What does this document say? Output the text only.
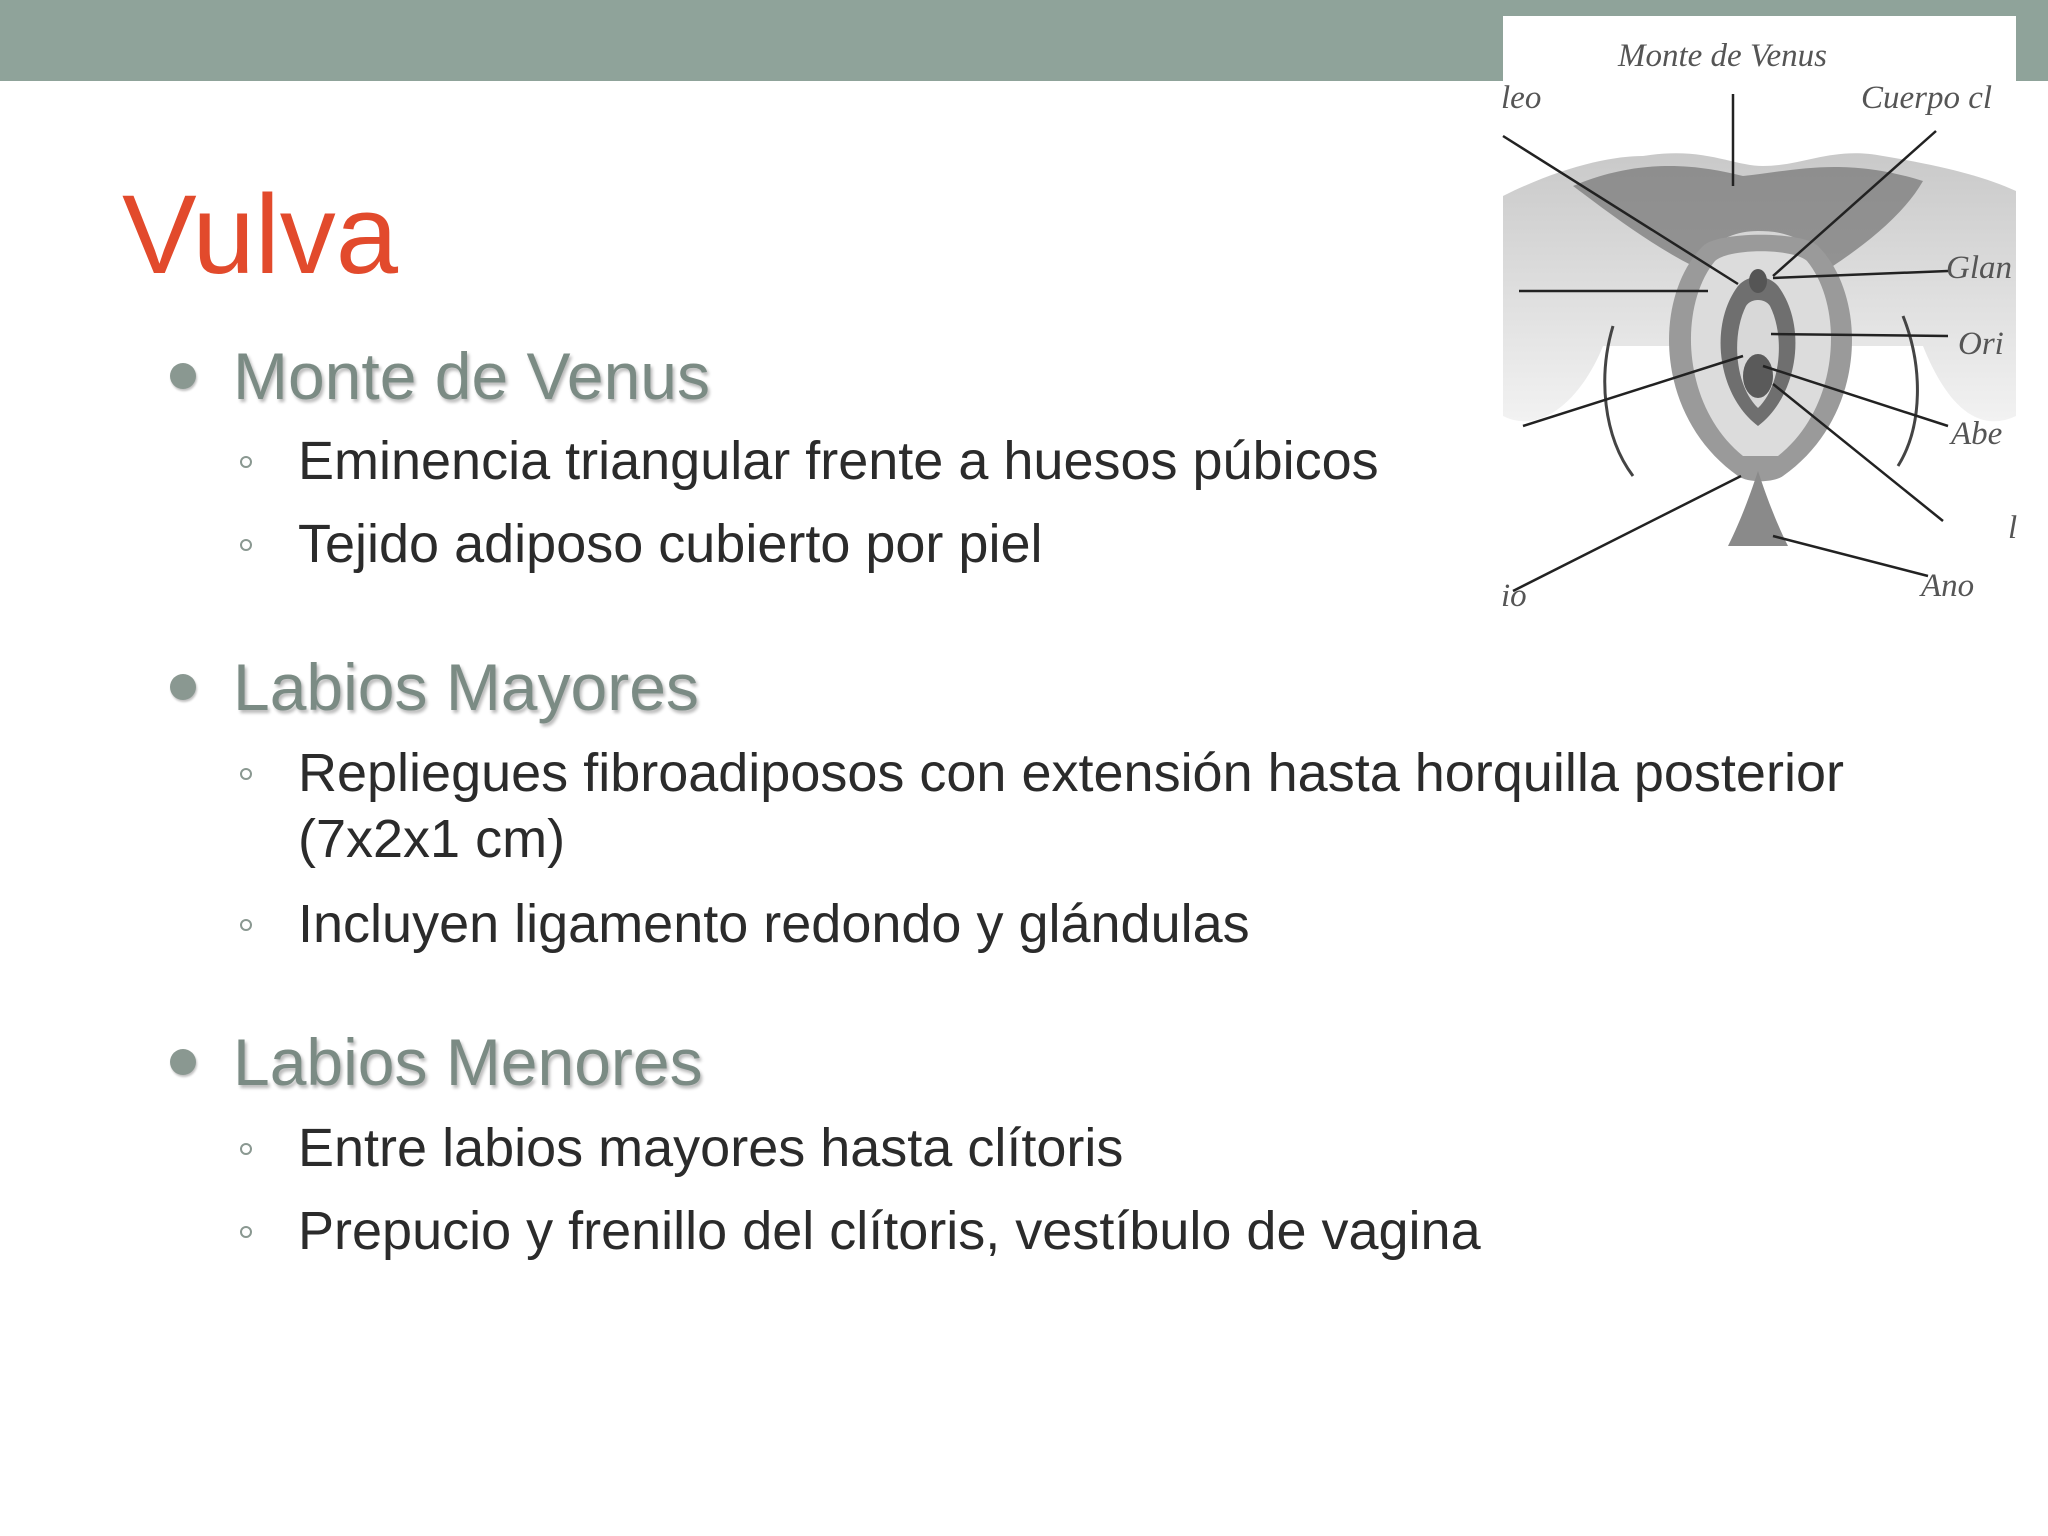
Vulva
Monte de Venus
leo	Cuerpo cl
Glan
Ori
Abe
l
io	Ano
Monte de Venus
Eminencia triangular frente a huesos púbicos
Tejido adiposo cubierto por piel
Labios Mayores
Repliegues fibroadiposos con extensión hasta horquilla posterior (7x2x1 cm)
Incluyen ligamento redondo y glándulas
Labios Menores
Entre labios mayores hasta clítoris
Prepucio y frenillo del clítoris, vestíbulo de vagina
